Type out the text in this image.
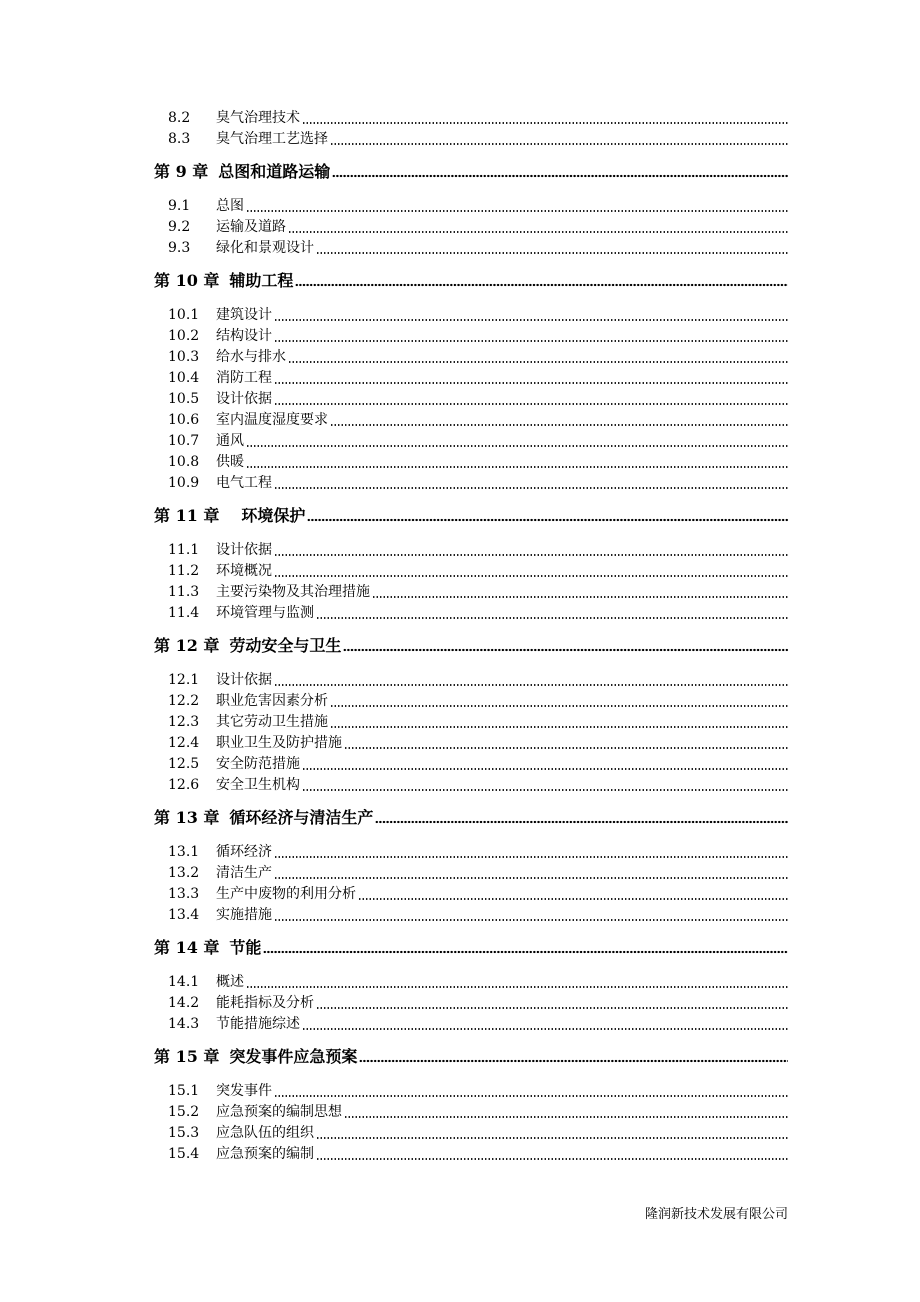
8.2	臭气治理技术
8.3	臭气治理工艺选择
第 9 章 总图和道路运输
9.1	总图
9.2	运输及道路
9.3	绿化和景观设计
第 10 章 辅助工程
10.1	建筑设计
10.2	结构设计
10.3	给水与排水
10.4	消防工程
10.5	设计依据
10.6	室内温度湿度要求
10.7	通风
10.8	供暖
10.9	电气工程
第 11 章 环境保护
11.1	设计依据
11.2	环境概况
11.3	主要污染物及其治理措施
11.4	环境管理与监测
第 12 章 劳动安全与卫生
12.1	设计依据
12.2	职业危害因素分析
12.3	其它劳动卫生措施
12.4	职业卫生及防护措施
12.5	安全防范措施
12.6	安全卫生机构
第 13 章 循环经济与清洁生产
13.1	循环经济
13.2	清洁生产
13.3	生产中废物的利用分析
13.4	实施措施
第 14 章 节能
14.1	概述
14.2	能耗指标及分析
14.3	节能措施综述
第 15 章 突发事件应急预案
15.1	突发事件
15.2	应急预案的编制思想
15.3	应急队伍的组织
15.4	应急预案的编制
隆润新技术发展有限公司
